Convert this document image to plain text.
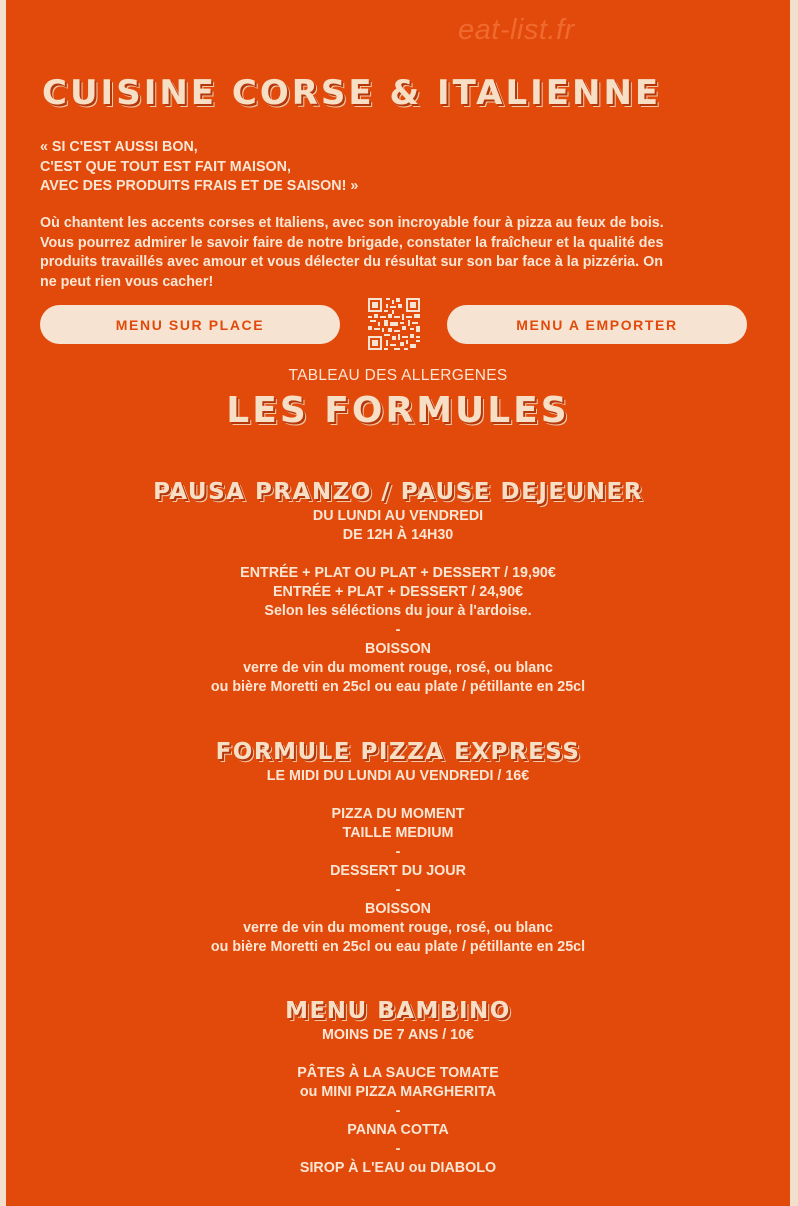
eat-list.fr
CUISINE CORSE & ITALIENNE
« SI C'EST AUSSI BON,
C'EST QUE TOUT EST FAIT MAISON,
AVEC DES PRODUITS FRAIS ET DE SAISON! »
Où chantent les accents corses et Italiens, avec son incroyable four à pizza au feux de bois.
Vous pourrez admirer le savoir faire de notre brigade, constater la fraîcheur et la qualité des
produits travaillés avec amour et vous délecter du résultat sur son bar face à la pizzéria. On
ne peut rien vous cacher!
MENU SUR PLACE	MENU A EMPORTER
TABLEAU DES ALLERGENES
LES FORMULES
PAUSA PRANZO / PAUSE DEJEUNER
DU LUNDI AU VENDREDI
DE 12H À 14H30
ENTRÉE + PLAT OU PLAT + DESSERT / 19,90€
ENTRÉE + PLAT + DESSERT / 24,90€
Selon les séléctions du jour à l'ardoise.
-
BOISSON
verre de vin du moment rouge, rosé, ou blanc
ou bière Moretti en 25cl ou eau plate / pétillante en 25cl
FORMULE PIZZA EXPRESS
LE MIDI DU LUNDI AU VENDREDI / 16€
PIZZA DU MOMENT
TAILLE MEDIUM
-
DESSERT DU JOUR
-
BOISSON
verre de vin du moment rouge, rosé, ou blanc
ou bière Moretti en 25cl ou eau plate / pétillante en 25cl
MENU BAMBINO
MOINS DE 7 ANS / 10€
PÂTES À LA SAUCE TOMATE
ou MINI PIZZA MARGHERITA
-
PANNA COTTA
-
SIROP À L'EAU ou DIABOLO
